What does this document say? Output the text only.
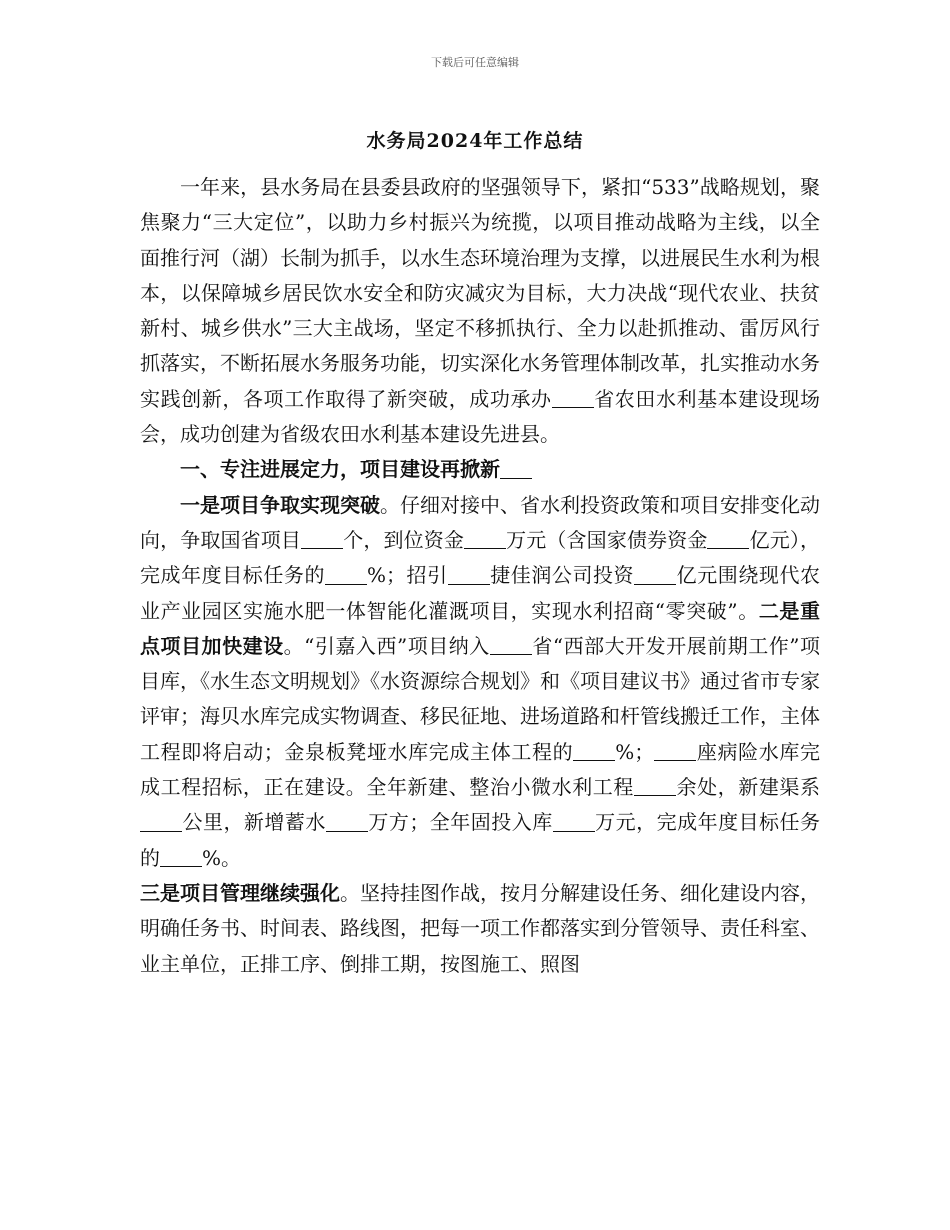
下载后可任意编辑
水务局2024年工作总结

一年来，县水务局在县委县政府的坚强领导下，紧扣“533”战略规划，聚焦聚力“三大定位”，以助力乡村振兴为统揽，以项目推动战略为主线，以全面推行河（湖）长制为抓手，以水生态环境治理为支撑，以进展民生水利为根本，以保障城乡居民饮水安全和防灾减灾为目标，大力决战“现代农业、扶贫新村、城乡供水”三大主战场，坚定不移抓执行、全力以赴抓推动、雷厉风行抓落实，不断拓展水务服务功能，切实深化水务管理体制改革，扎实推动水务实践创新，各项工作取得了新突破，成功承办 省农田水利基本建设现场会，成功创建为省级农田水利基本建设先进县。

一、专注进展定力，项目建设再掀新

一是项目争取实现突破。仔细对接中、省水利投资政策和项目安排变化动向，争取国省项目 个，到位资金 万元（含国家债券资金 亿元），完成年度目标任务的 %；招引 捷佳润公司投资 亿元围绕现代农业产业园区实施水肥一体智能化灌溉项目，实现水利招商“零突破”。二是重点项目加快建设。“引嘉入西”项目纳入 省“西部大开发开展前期工作”项目库，《水生态文明规划》《水资源综合规划》和《项目建议书》通过省市专家评审；海贝水库完成实物调查、移民征地、进场道路和杆管线搬迁工作，主体工程即将启动；金泉板凳垭水库完成主体工程的 %； 座病险水库完成工程招标，正在建设。全年新建、整治小微水利工程 余处，新建渠系公里，新增蓄水 万方；全年固投入库 万元，完成年度目标任务的 %。

三是项目管理继续强化。坚持挂图作战，按月分解建设任务、细化建设内容，明确任务书、时间表、路线图，把每一项工作都落实到分管领导、责任科室、业主单位，正排工序、倒排工期，按图施工、照图
